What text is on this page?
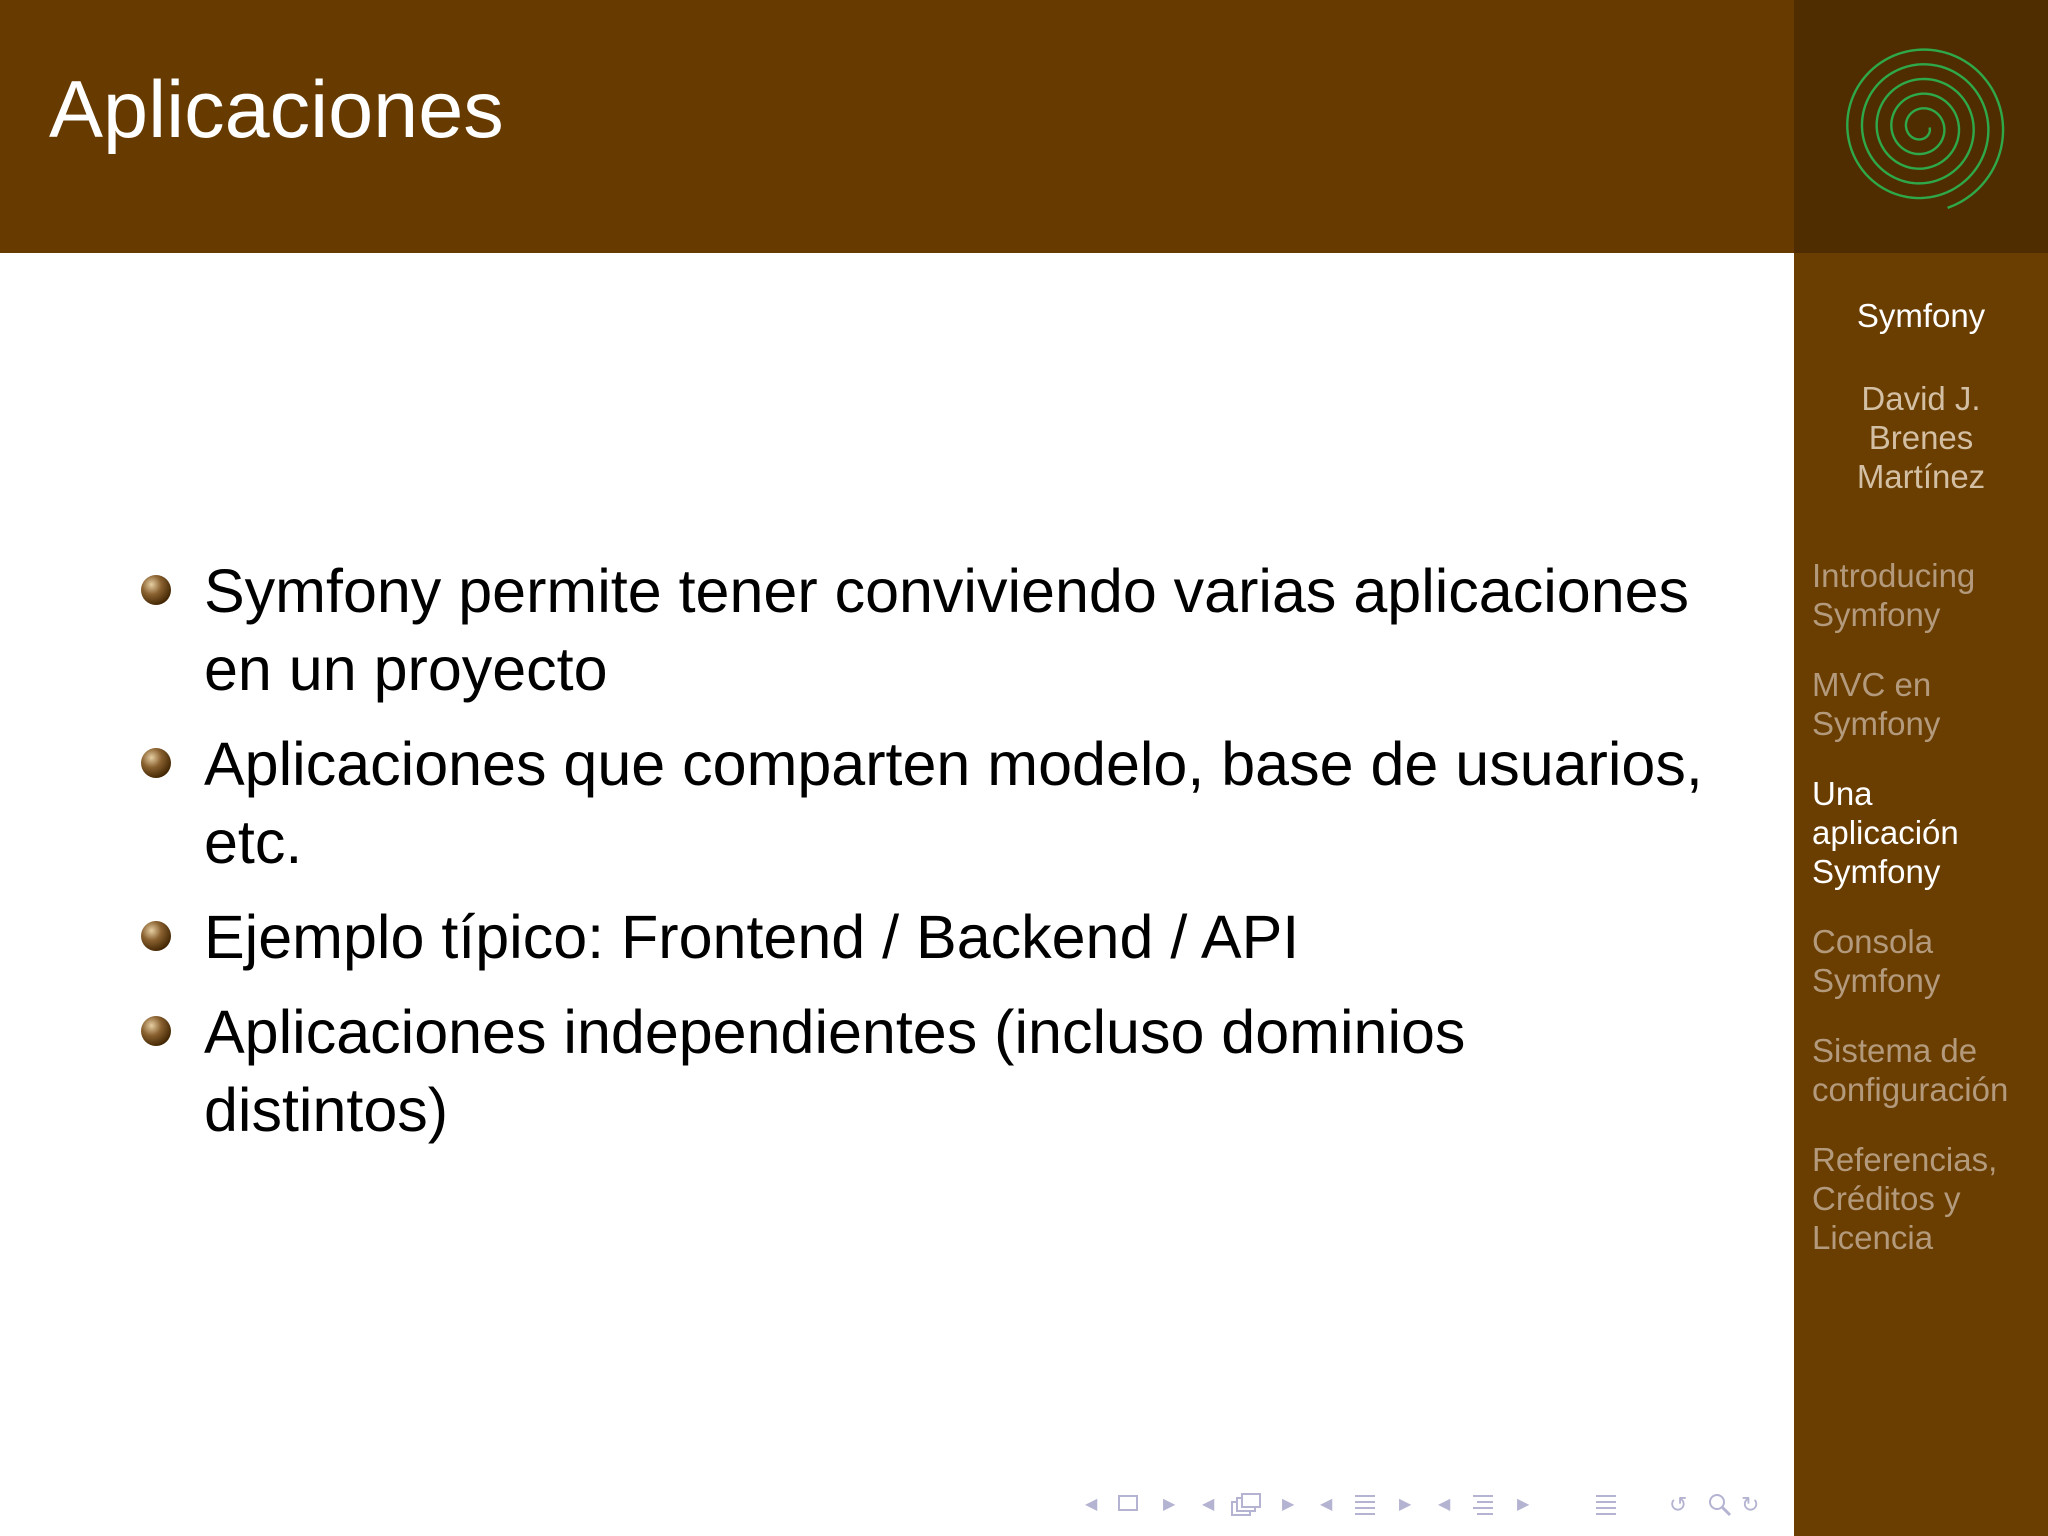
Aplicaciones
Symfony permite tener conviviendo varias aplicaciones
en un proyecto
Aplicaciones que comparten modelo, base de usuarios,
etc.
Ejemplo típico: Frontend / Backend / API
Aplicaciones independientes (incluso dominios
distintos)
◀	▶ ◀	▶ ◀	▶ ◀	▶	↺ ↻
Symfony
David J.
Brenes
Martínez
Introducing
Symfony
MVC en
Symfony
Una
aplicación
Symfony
Consola
Symfony
Sistema de
configuración
Referencias,
Créditos y
Licencia
